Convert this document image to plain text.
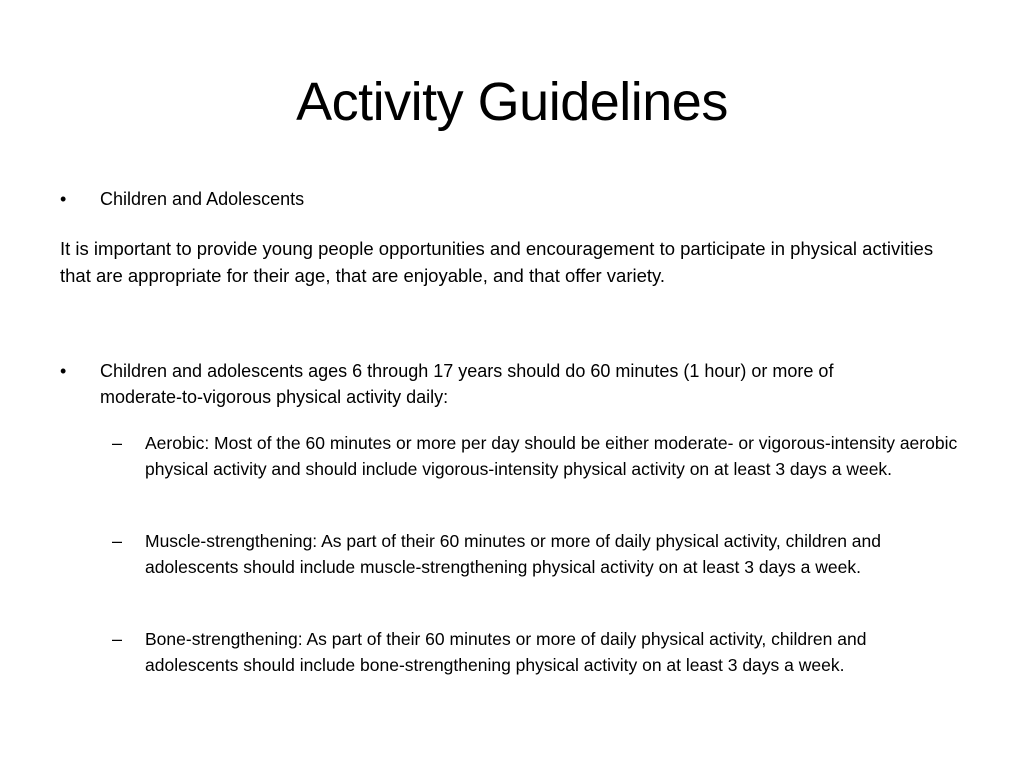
Activity Guidelines
•	Children and Adolescents
It is important to provide young people opportunities and encouragement to participate in physical activities that are appropriate for their age, that are enjoyable, and that offer variety.
•	Children and adolescents ages 6 through 17 years should do 60 minutes (1 hour) or more of moderate-to-vigorous physical activity daily:
–	Aerobic: Most of the 60 minutes or more per day should be either moderate- or vigorous-intensity aerobic physical activity and should include vigorous-intensity physical activity on at least 3 days a week.
–	Muscle-strengthening: As part of their 60 minutes or more of daily physical activity, children and adolescents should include muscle-strengthening physical activity on at least 3 days a week.
–	Bone-strengthening: As part of their 60 minutes or more of daily physical activity, children and adolescents should include bone-strengthening physical activity on at least 3 days a week.
